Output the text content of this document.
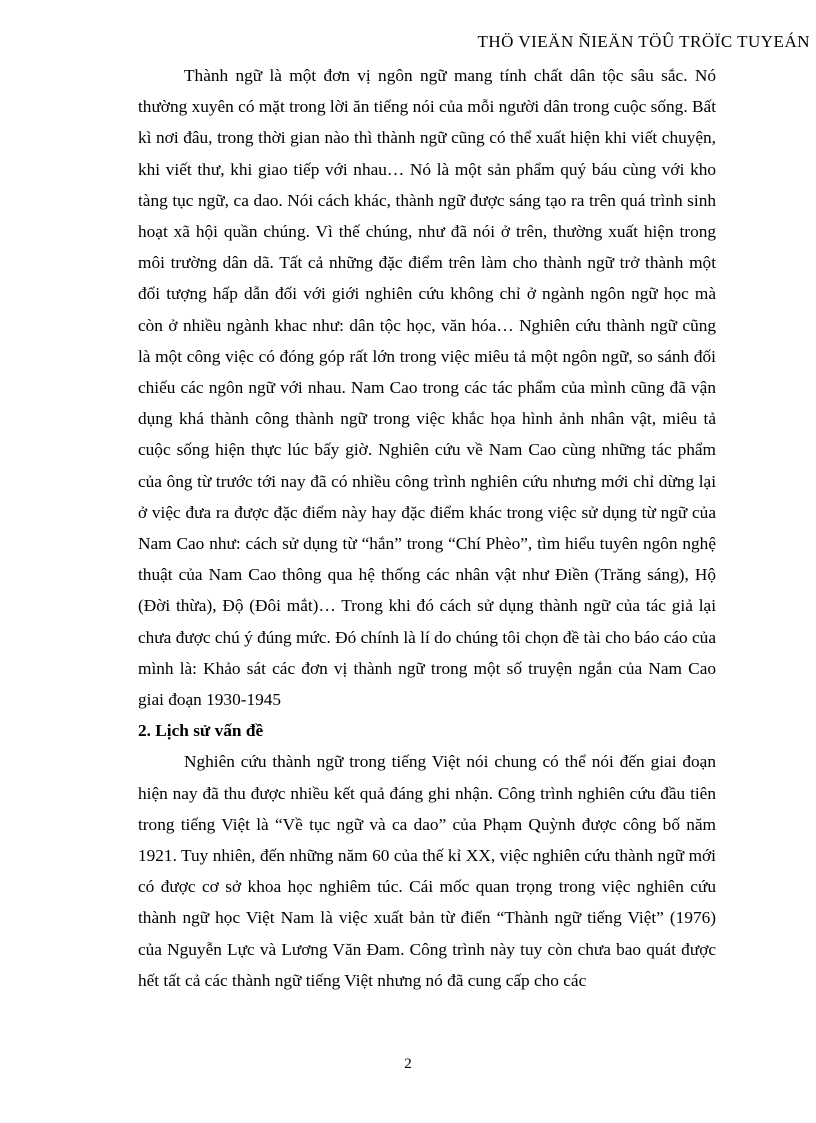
THÖ VIEÄN ÑIEÄN TÖÛ TRÖÏC TUYEÁN

Thành ngữ là một đơn vị ngôn ngữ mang tính chất dân tộc sâu sắc. Nó thường xuyên có mặt trong lời ăn tiếng nói của mỗi người dân trong cuộc sống. Bất kì nơi đâu, trong thời gian nào thì thành ngữ cũng có thể xuất hiện khi viết chuyện, khi viết thư, khi giao tiếp với nhau… Nó là một sản phẩm quý báu cùng với kho tàng tục ngữ, ca dao. Nói cách khác, thành ngữ được sáng tạo ra trên quá trình sinh hoạt xã hội quần chúng. Vì thế chúng, như đã nói ở trên, thường xuất hiện trong môi trường dân dã. Tất cả những đặc điểm trên làm cho thành ngữ trở thành một đối tượng hấp dẫn đối với giới nghiên cứu không chỉ ở ngành ngôn ngữ học mà còn ở nhiều ngành khac như: dân tộc học, văn hóa… Nghiên cứu thành ngữ cũng là một công việc có đóng góp rất lớn trong việc miêu tả một ngôn ngữ, so sánh đối chiếu các ngôn ngữ với nhau. Nam Cao trong các tác phẩm của mình cũng đã vận dụng khá thành công thành ngữ trong việc khắc họa hình ảnh nhân vật, miêu tả cuộc sống hiện thực lúc bấy giờ. Nghiên cứu về Nam Cao cùng những tác phẩm của ông từ trước tới nay đã có nhiều công trình nghiên cứu nhưng mới chỉ dừng lại ở việc đưa ra được đặc điểm này hay đặc điểm khác trong việc sử dụng từ ngữ của Nam Cao như: cách sử dụng từ “hắn” trong “Chí Phèo”, tìm hiểu tuyên ngôn nghệ thuật của Nam Cao thông qua hệ thống các nhân vật như Điền (Trăng sáng), Hộ (Đời thừa), Độ (Đôi mắt)… Trong khi đó cách sử dụng thành ngữ của tác giả lại chưa được chú ý đúng mức. Đó chính là lí do chúng tôi chọn đề tài cho báo cáo của mình là: Khảo sát các đơn vị thành ngữ trong một số truyện ngắn của Nam Cao giai đoạn 1930-1945

2. Lịch sử vấn đề

Nghiên cứu thành ngữ trong tiếng Việt nói chung có thể nói đến giai đoạn hiện nay đã thu được nhiều kết quả đáng ghi nhận. Công trình nghiên cứu đầu tiên trong tiếng Việt là “Về tục ngữ và ca dao” của Phạm Quỳnh được công bố năm 1921. Tuy nhiên, đến những năm 60 của thế kỉ XX, việc nghiên cứu thành ngữ mới có được cơ sở khoa học nghiêm túc. Cái mốc quan trọng trong việc nghiên cứu thành ngữ học Việt Nam là việc xuất bản từ điển “Thành ngữ tiếng Việt” (1976) của Nguyễn Lực và Lương Văn Đam. Công trình này tuy còn chưa bao quát được hết tất cả các thành ngữ tiếng Việt nhưng nó đã cung cấp cho các

2
